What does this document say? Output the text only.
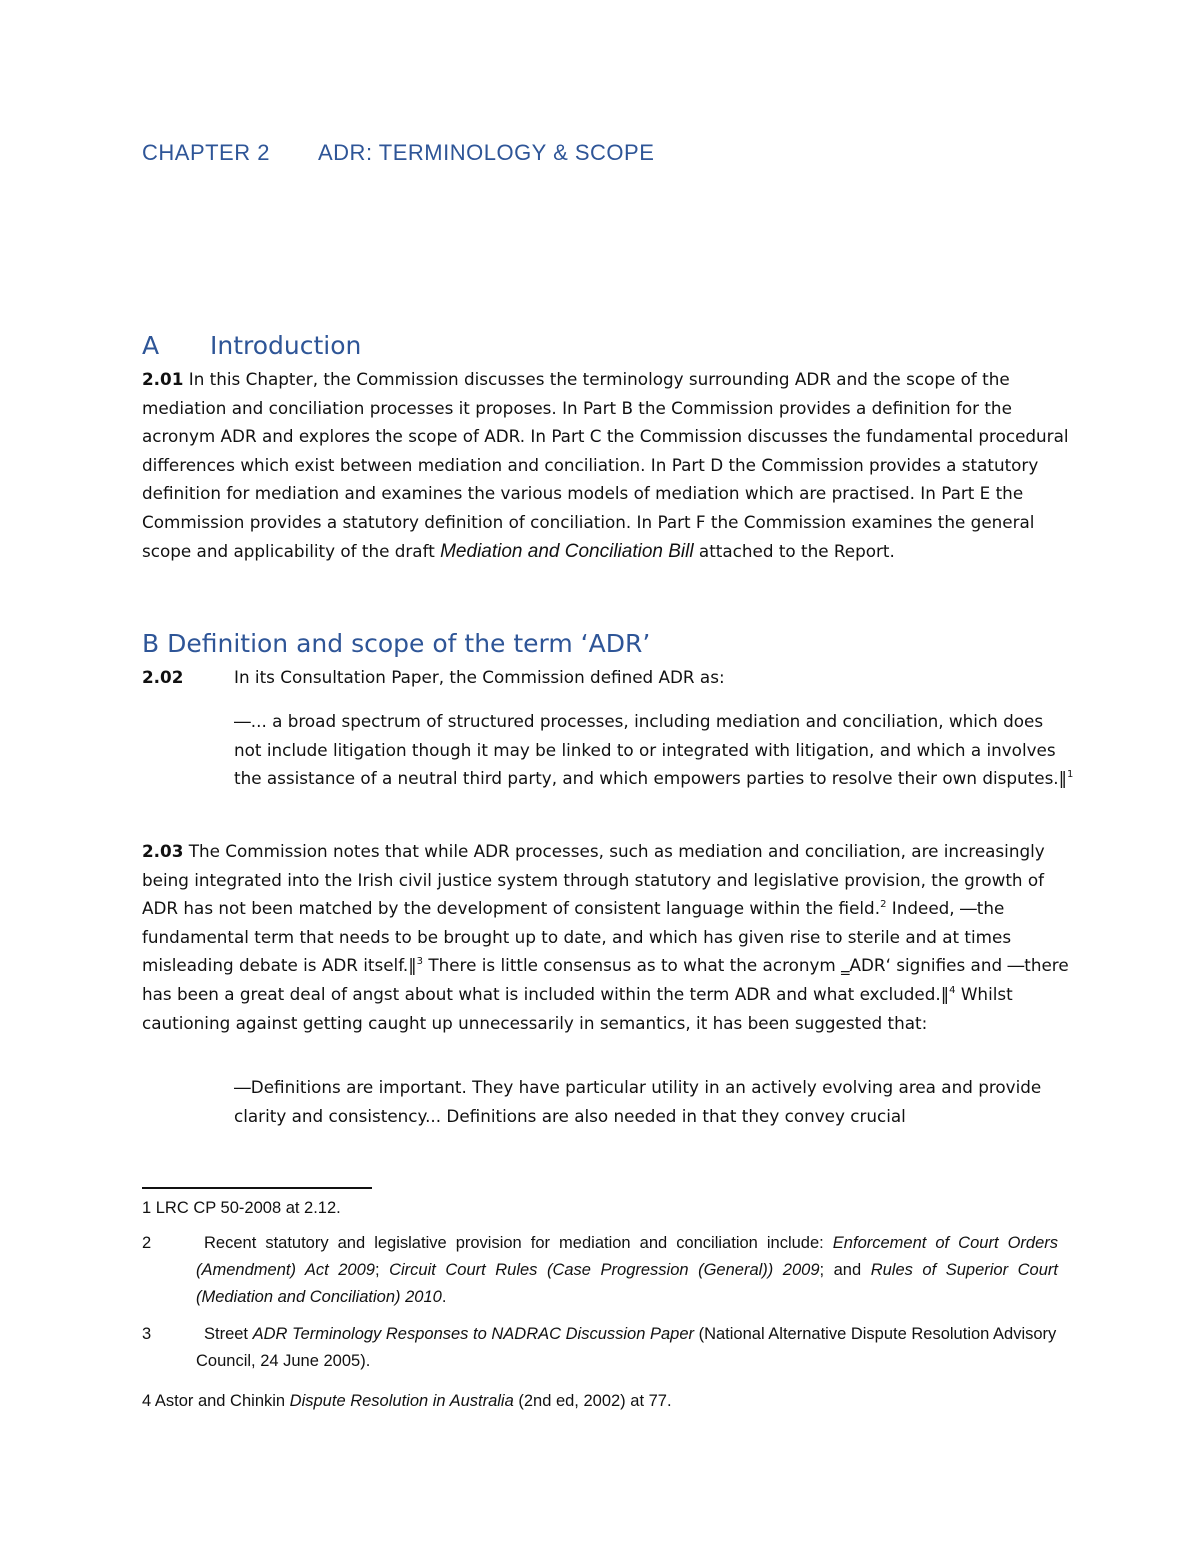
CHAPTER 2 ADR: TERMINOLOGY & SCOPE
A Introduction

2.01 In this Chapter, the Commission discusses the terminology surrounding ADR and the scope of the mediation and conciliation processes it proposes. In Part B the Commission provides a definition for the acronym ADR and explores the scope of ADR. In Part C the Commission discusses the fundamental procedural differences which exist between mediation and conciliation. In Part D the Commission provides a statutory definition for mediation and examines the various models of mediation which are practised. In Part E the Commission provides a statutory definition of conciliation. In Part F the Commission examines the general scope and applicability of the draft Mediation and Conciliation Bill attached to the Report.

B Definition and scope of the term ‘ADR’

2.02	In its Consultation Paper, the Commission defined ADR as:

―... a broad spectrum of structured processes, including mediation and conciliation, which does not include litigation though it may be linked to or integrated with litigation, and which a involves the assistance of a neutral third party, and which empowers parties to resolve their own disputes.‖$^1$

2.03 The Commission notes that while ADR processes, such as mediation and conciliation, are increasingly being integrated into the Irish civil justice system through statutory and legislative provision, the growth of ADR has not been matched by the development of consistent language within the field.$^2$ Indeed, ―the fundamental term that needs to be brought up to date, and which has given rise to sterile and at times misleading debate is ADR itself.‖$^3$ There is little consensus as to what the acronym ‗ADR‘ signifies and ―there has been a great deal of angst about what is included within the term ADR and what excluded.‖$^4$ Whilst cautioning against getting caught up unnecessarily in semantics, it has been suggested that:

―Definitions are important. They have particular utility in an actively evolving area and provide clarity and consistency... Definitions are also needed in that they convey crucial

1 LRC CP 50-2008 at 2.12.
2	Recent statutory and legislative provision for mediation and conciliation include: Enforcement of Court Orders (Amendment) Act 2009; Circuit Court Rules (Case Progression (General)) 2009; and Rules of Superior Court (Mediation and Conciliation) 2010.
3	Street ADR Terminology Responses to NADRAC Discussion Paper (National Alternative Dispute Resolution Advisory Council, 24 June 2005).
4 Astor and Chinkin Dispute Resolution in Australia (2nd ed, 2002) at 77.
